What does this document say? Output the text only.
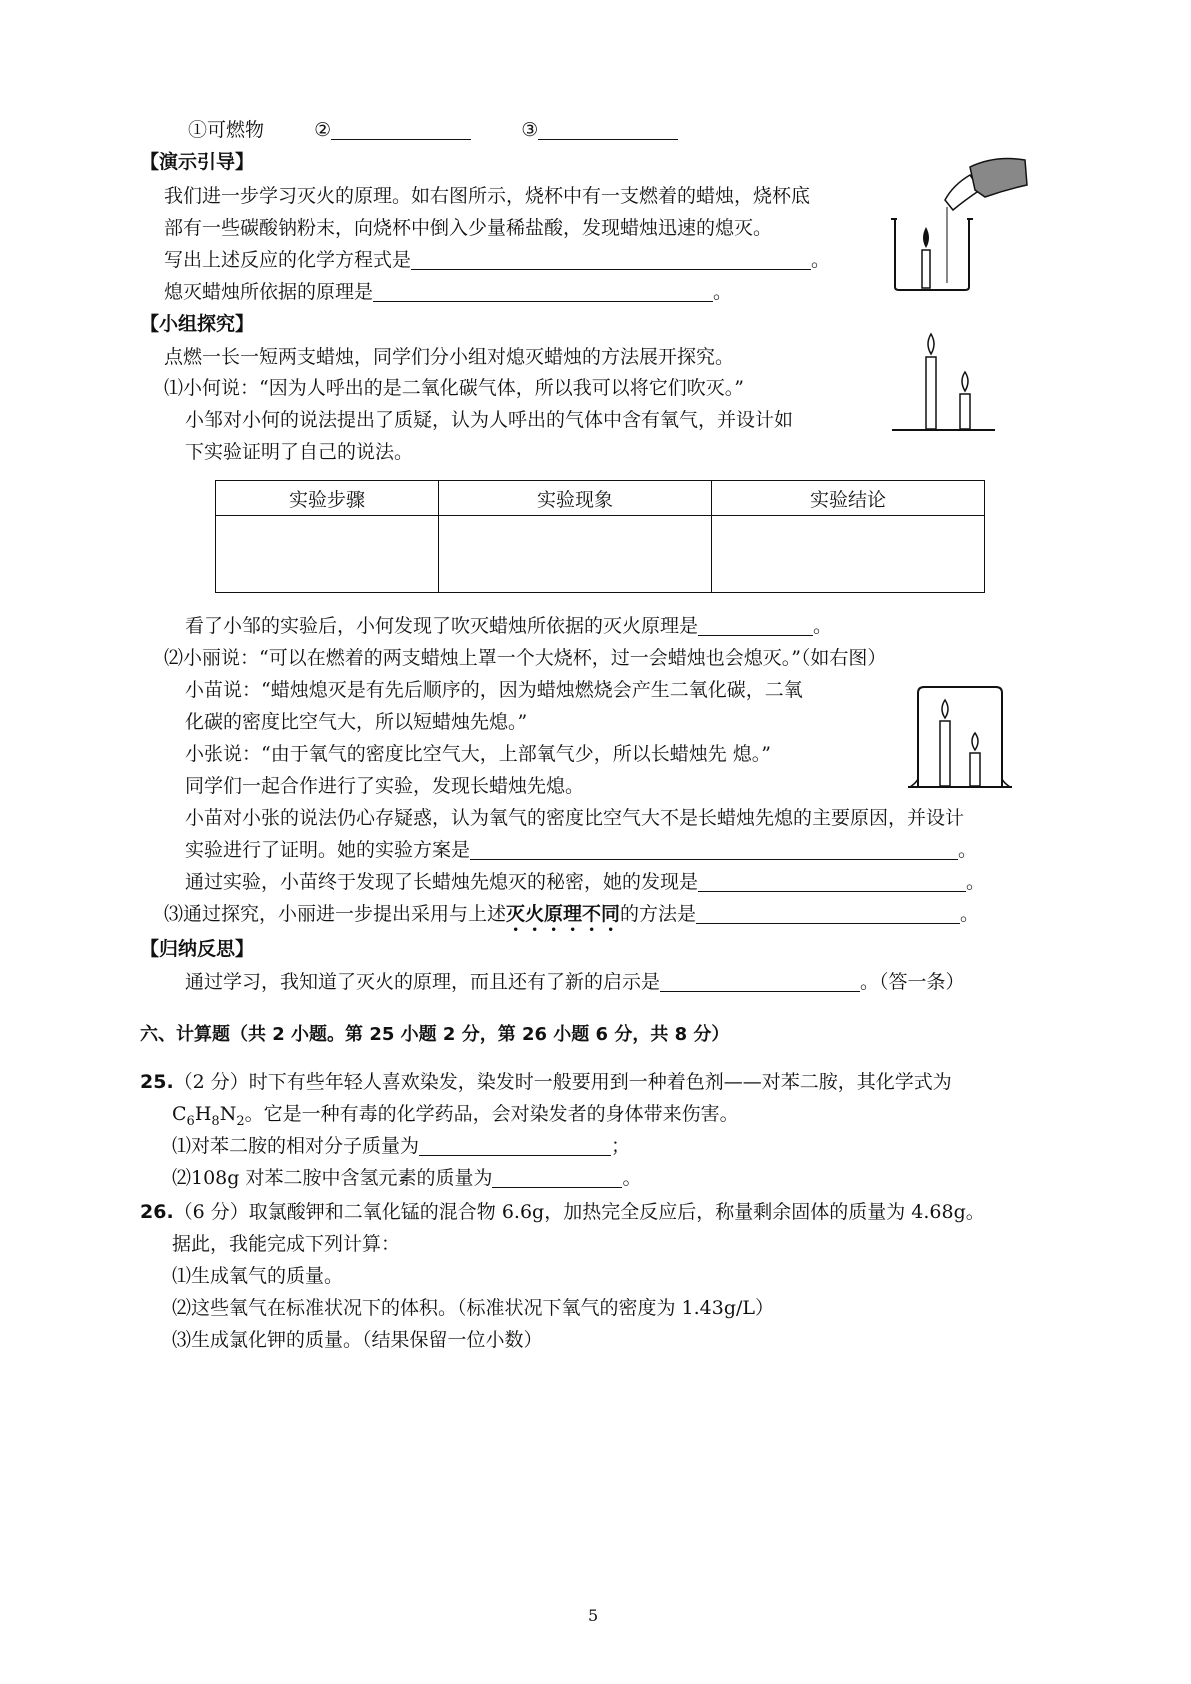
①可燃物	②	③
【演示引导】
我们进一步学习灭火的原理。如右图所示，烧杯中有一支燃着的蜡烛，烧杯底
部有一些碳酸钠粉末，向烧杯中倒入少量稀盐酸，发现蜡烛迅速的熄灭。
写出上述反应的化学方程式是	。
熄灭蜡烛所依据的原理是	。
【小组探究】
点燃一长一短两支蜡烛，同学们分小组对熄灭蜡烛的方法展开探究。
⑴小何说：“因为人呼出的是二氧化碳气体，所以我可以将它们吹灭。”
小邹对小何的说法提出了质疑，认为人呼出的气体中含有氧气，并设计如
下实验证明了自己的说法。
实验步骤	实验现象	实验结论

看了小邹的实验后，小何发现了吹灭蜡烛所依据的灭火原理是	。
⑵小丽说：“可以在燃着的两支蜡烛上罩一个大烧杯，过一会蜡烛也会熄灭。”（如右图）
小苗说：“蜡烛熄灭是有先后顺序的，因为蜡烛燃烧会产生二氧化碳，二氧
化碳的密度比空气大，所以短蜡烛先熄。”
小张说：“由于氧气的密度比空气大，上部氧气少，所以长蜡烛先 熄。”
同学们一起合作进行了实验，发现长蜡烛先熄。
小苗对小张的说法仍心存疑惑，认为氧气的密度比空气大不是长蜡烛先熄的主要原因，并设计
实验进行了证明。她的实验方案是	。
通过实验，小苗终于发现了长蜡烛先熄灭的秘密，她的发现是	。
⑶通过探究，小丽进一步提出采用与上述灭火原理不同的方法是	。
【归纳反思】
通过学习，我知道了灭火的原理，而且还有了新的启示是	。（答一条）
六、计算题（共 2 小题。第 25 小题 2 分，第 26 小题 6 分，共 8 分）
25.（2 分）时下有些年轻人喜欢染发，染发时一般要用到一种着色剂——对苯二胺，其化学式为
$C_6H_8N_2$。它是一种有毒的化学药品，会对染发者的身体带来伤害。
⑴对苯二胺的相对分子质量为	；
⑵108g 对苯二胺中含氢元素的质量为	。
26.（6 分）取氯酸钾和二氧化锰的混合物 6.6g，加热完全反应后，称量剩余固体的质量为 4.68g。
据此，我能完成下列计算：
⑴生成氧气的质量。
⑵这些氧气在标准状况下的体积。（标准状况下氧气的密度为 1.43g/L）
⑶生成氯化钾的质量。（结果保留一位小数）
5
